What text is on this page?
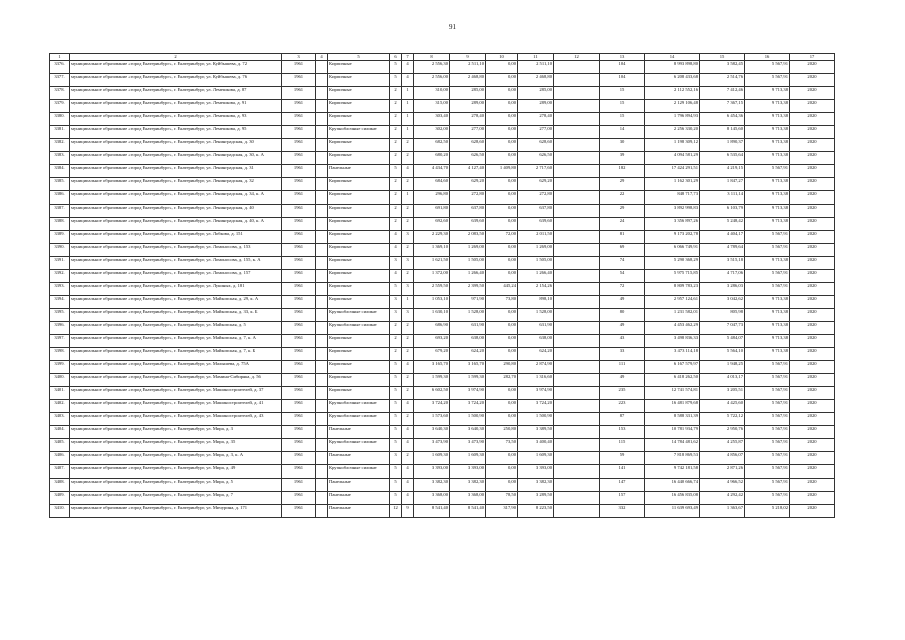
91
1	2	3	4	5	6	7	8	9	10	11	12	13	14	15	16	17
3376.	муниципальное образование «город Екатеринбург», г. Екатеринбург, ул. Куйбышева, д. 72	1961		Кирпичные	5	4	2 556,30	2 511,10	0,00	2 511,10		104	8 993 898,80	3 582,45	5 567,91	2020
3377.	муниципальное образование «город Екатеринбург», г. Екатеринбург, ул. Куйбышева, д. 76	1961		Кирпичные	5	4	2 556,00	2 468,80	0,00	2 468,80		104	6 208 433,68	2 514,76	5 567,91	2020
3378.	муниципальное образование «город Екатеринбург», г. Екатеринбург, ул. Лемешкова, д. 87	1961		Кирпичные	2	1	310,00	285,00	0,00	285,00		15	2 112 552,16	7 412,46	9 713,38	2020
3379.	муниципальное образование «город Екатеринбург», г. Екатеринбург, ул. Лемешкова, д. 91	1961		Кирпичные	2	1	315,00	289,00	0,00	289,00		15	2 129 106,48	7 367,15	9 713,38	2020
3380.	муниципальное образование «город Екатеринбург», г. Екатеринбург, ул. Лемешкова, д. 93	1961		Кирпичные	2	1	303,40	278,40	0,00	278,40		15	1 796 894,93	6 454,36	9 713,38	2020
3381.	муниципальное образование «город Екатеринбург», г. Екатеринбург, ул. Лемешкова, д. 95	1961		Крупноблочные силикат	2	1	302,00	277,00	0,00	277,00		14	2 256 330,20	8 145,60	9 713,38	2020
3382.	муниципальное образование «город Екатеринбург», г. Екатеринбург, ул. Ленинградская, д. 30	1961		Кирпичные	2	2	682,50	628,60	0,00	628,60		30	1 198 309,12	1 890,37	9 713,38	2020
3383.	муниципальное образование «город Екатеринбург», г. Екатеринбург, ул. Ленинградская, д. 30, к. А	1961		Кирпичные	2	2	680,20	626,50	0,00	626,50		39	4 094 581,29	6 535,64	9 713,38	2020
3384.	муниципальное образование «город Екатеринбург», г. Екатеринбург, ул. Ленинградская, д. 31	1961		Панельные	5	4	4 434,70	4 127,40	1 409,80	2 717,60		182	17 424 291,51	4 219,15	5 567,91	2020
3385.	муниципальное образование «город Екатеринбург», г. Екатеринбург, ул. Ленинградская, д. 32	1961		Кирпичные	2	2	684,60	629,20	0,00	629,20		29	1 162 301,29	1 847,27	9 713,38	2020
3386.	муниципальное образование «город Екатеринбург», г. Екатеринбург, ул. Ленинградская, д. 34, к. А	1961		Кирпичные	2	1	296,80	272,80	0,00	272,80		22	848 717,73	3 111,14	9 713,38	2020
3387.	муниципальное образование «город Екатеринбург», г. Екатеринбург, ул. Ленинградская, д. 40	1961		Кирпичные	2	2	691,80	637,80	0,00	637,80		29	3 892 998,83	6 103,79	9 713,38	2020
3388.	муниципальное образование «город Екатеринбург», г. Екатеринбург, ул. Ленинградская, д. 40, к. А	1961		Кирпичные	2	2	692,60	639,60	0,00	639,60		24	3 356 897,26	5 248,42	9 713,38	2020
3389.	муниципальное образование «город Екатеринбург», г. Екатеринбург, ул. Лобкова, д. 151	1961		Кирпичные	4	3	2 229,30	2 083,50	72,00	2 011,50		81	9 173 202,78	4 404,17	5 567,91	2020
3390.	муниципальное образование «город Екатеринбург», г. Екатеринбург, ул. Ломоносова, д. 153	1961		Кирпичные	4	2	1 369,10	1 269,00	0,00	1 269,00		69	6 066 749,91	4 789,64	5 567,91	2020
3391.	муниципальное образование «город Екатеринбург», г. Екатеринбург, ул. Ломоносова, д. 155, к. А	1961		Кирпичные	3	3	1 621,50	1 505,00	0,00	1 505,00		74	5 290 368,29	3 515,18	9 713,38	2020
3392.	муниципальное образование «город Екатеринбург», г. Екатеринбург, ул. Ломоносова, д. 157	1961		Кирпичные	4	2	1 372,00	1 266,40	0,00	1 266,40		54	5 975 715,85	4 717,06	5 567,91	2020
3393.	муниципальное образование «город Екатеринбург», г. Екатеринбург, ул. Лукиных, д. 181	1961		Кирпичные	5	3	2 559,50	2 399,50	445,24	2 154,26		72	8 809 783,23	3 286,03	5 567,91	2020
3394.	муниципальное образование «город Екатеринбург», г. Екатеринбург, ул. Майкопская, д. 29, к. А	1961		Кирпичные	3	1	1 053,10	971,90	73,80	898,10		49	2 957 124,61	3 042,62	9 713,38	2020
3395.	муниципальное образование «город Екатеринбург», г. Екатеринбург, ул. Майкопская, д. 33, к. Б	1961		Крупноблочные силикат	3	3	1 630,10	1 528,00	0,00	1 528,00		80	1 231 582,01	805,98	9 713,38	2020
3396.	муниципальное образование «город Екатеринбург», г. Екатеринбург, ул. Майкопская, д. 5	1961		Крупноблочные силикат	2	2	686,90	631,90	0,00	631,90		49	4 453 462,29	7 047,73	9 713,38	2020
3397.	муниципальное образование «город Екатеринбург», г. Екатеринбург, ул. Майкопская, д. 7, к. А	1961		Кирпичные	2	2	693,20	638,00	0,00	638,00		43	3 498 836,33	5 484,07	9 713,38	2020
3398.	муниципальное образование «город Екатеринбург», г. Екатеринбург, ул. Майкопская, д. 7, к. Б	1961		Кирпичные	2	2	679,20	624,20	0,00	624,20		33	3 473 114,18	5 564,10	9 713,38	2020
3399.	муниципальное образование «город Екатеринбург», г. Екатеринбург, ул. Малышева, д. 75А	1961		Кирпичные	5	4	3 165,70	3 165,70	290,80	2 874,90		111	6 167 579,97	1 948,25	5 567,91	2020
3400.	муниципальное образование «город Екатеринбург», г. Екатеринбург, ул. Мамина-Сибиряка, д. 56	1961		Кирпичные	5	2	1 599,30	1 599,30	282,70	1 316,60		49	6 418 262,50	4 013,17	5 567,91	2020
3401.	муниципальное образование «город Екатеринбург», г. Екатеринбург, ул. Машиностроителей, д. 37	1961		Кирпичные	5	2	6 602,50	3 974,90	0,00	3 974,90		235	12 741 574,81	3 205,51	5 567,91	2020
3402.	муниципальное образование «город Екатеринбург», г. Екатеринбург, ул. Машиностроителей, д. 41	1961		Крупноблочные силикат	5	4	3 724,20	3 724,20	0,00	3 724,20		223	16 481 879,68	4 425,60	5 567,91	2020
3403.	муниципальное образование «город Екатеринбург», г. Екатеринбург, ул. Машиностроителей, д. 43	1961		Крупноблочные силикат	5	2	1 573,60	1 500,90	0,00	1 500,90		87	8 588 331,39	5 722,12	5 567,91	2020
3404.	муниципальное образование «город Екатеринбург», г. Екатеринбург, ул. Мира, д. 3	1961		Панельные	5	4	3 640,30	3 640,30	250,80	3 389,50		153	10 781 934,79	2 950,76	5 567,91	2020
3405.	муниципальное образование «город Екатеринбург», г. Екатеринбург, ул. Мира, д. 35	1961		Крупноблочные силикат	5	4	3 473,90	3 473,90	73,50	3 400,40		115	14 784 481,62	4 255,87	5 567,91	2020
3406.	муниципальное образование «город Екатеринбург», г. Екатеринбург, ул. Мира, д. 3, к. А	1961		Панельные	3	2	1 609,30	1 609,30	0,00	1 609,30		59	7 818 869,53	4 856,07	5 567,91	2020
3407.	муниципальное образование «город Екатеринбург», г. Екатеринбург, ул. Мира, д. 49	1961		Крупноблочные силикат	5	4	3 393,00	3 393,00	0,00	3 393,00		141	9 742 181,58	2 871,26	5 567,91	2020
3408.	муниципальное образование «город Екатеринбург», г. Екатеринбург, ул. Мира, д. 5	1961		Панельные	5	4	3 382,30	3 382,30	0,00	3 382,30		147	16 440 666,74	4 966,52	5 567,91	2020
3409.	муниципальное образование «город Екатеринбург», г. Екатеринбург, ул. Мира, д. 7	1961		Панельные	5	4	3 368,00	3 368,00	78,50	3 289,50		157	16 456 835,08	4 292,42	5 567,91	2020
3410.	муниципальное образование «город Екатеринбург», г. Екатеринбург, ул. Мичурина, д. 171	1961		Панельные	12	9	8 541,40	8 541,40	317,90	8 223,50		332	11 639 693,49	1 363,67	5 218,02	2020
